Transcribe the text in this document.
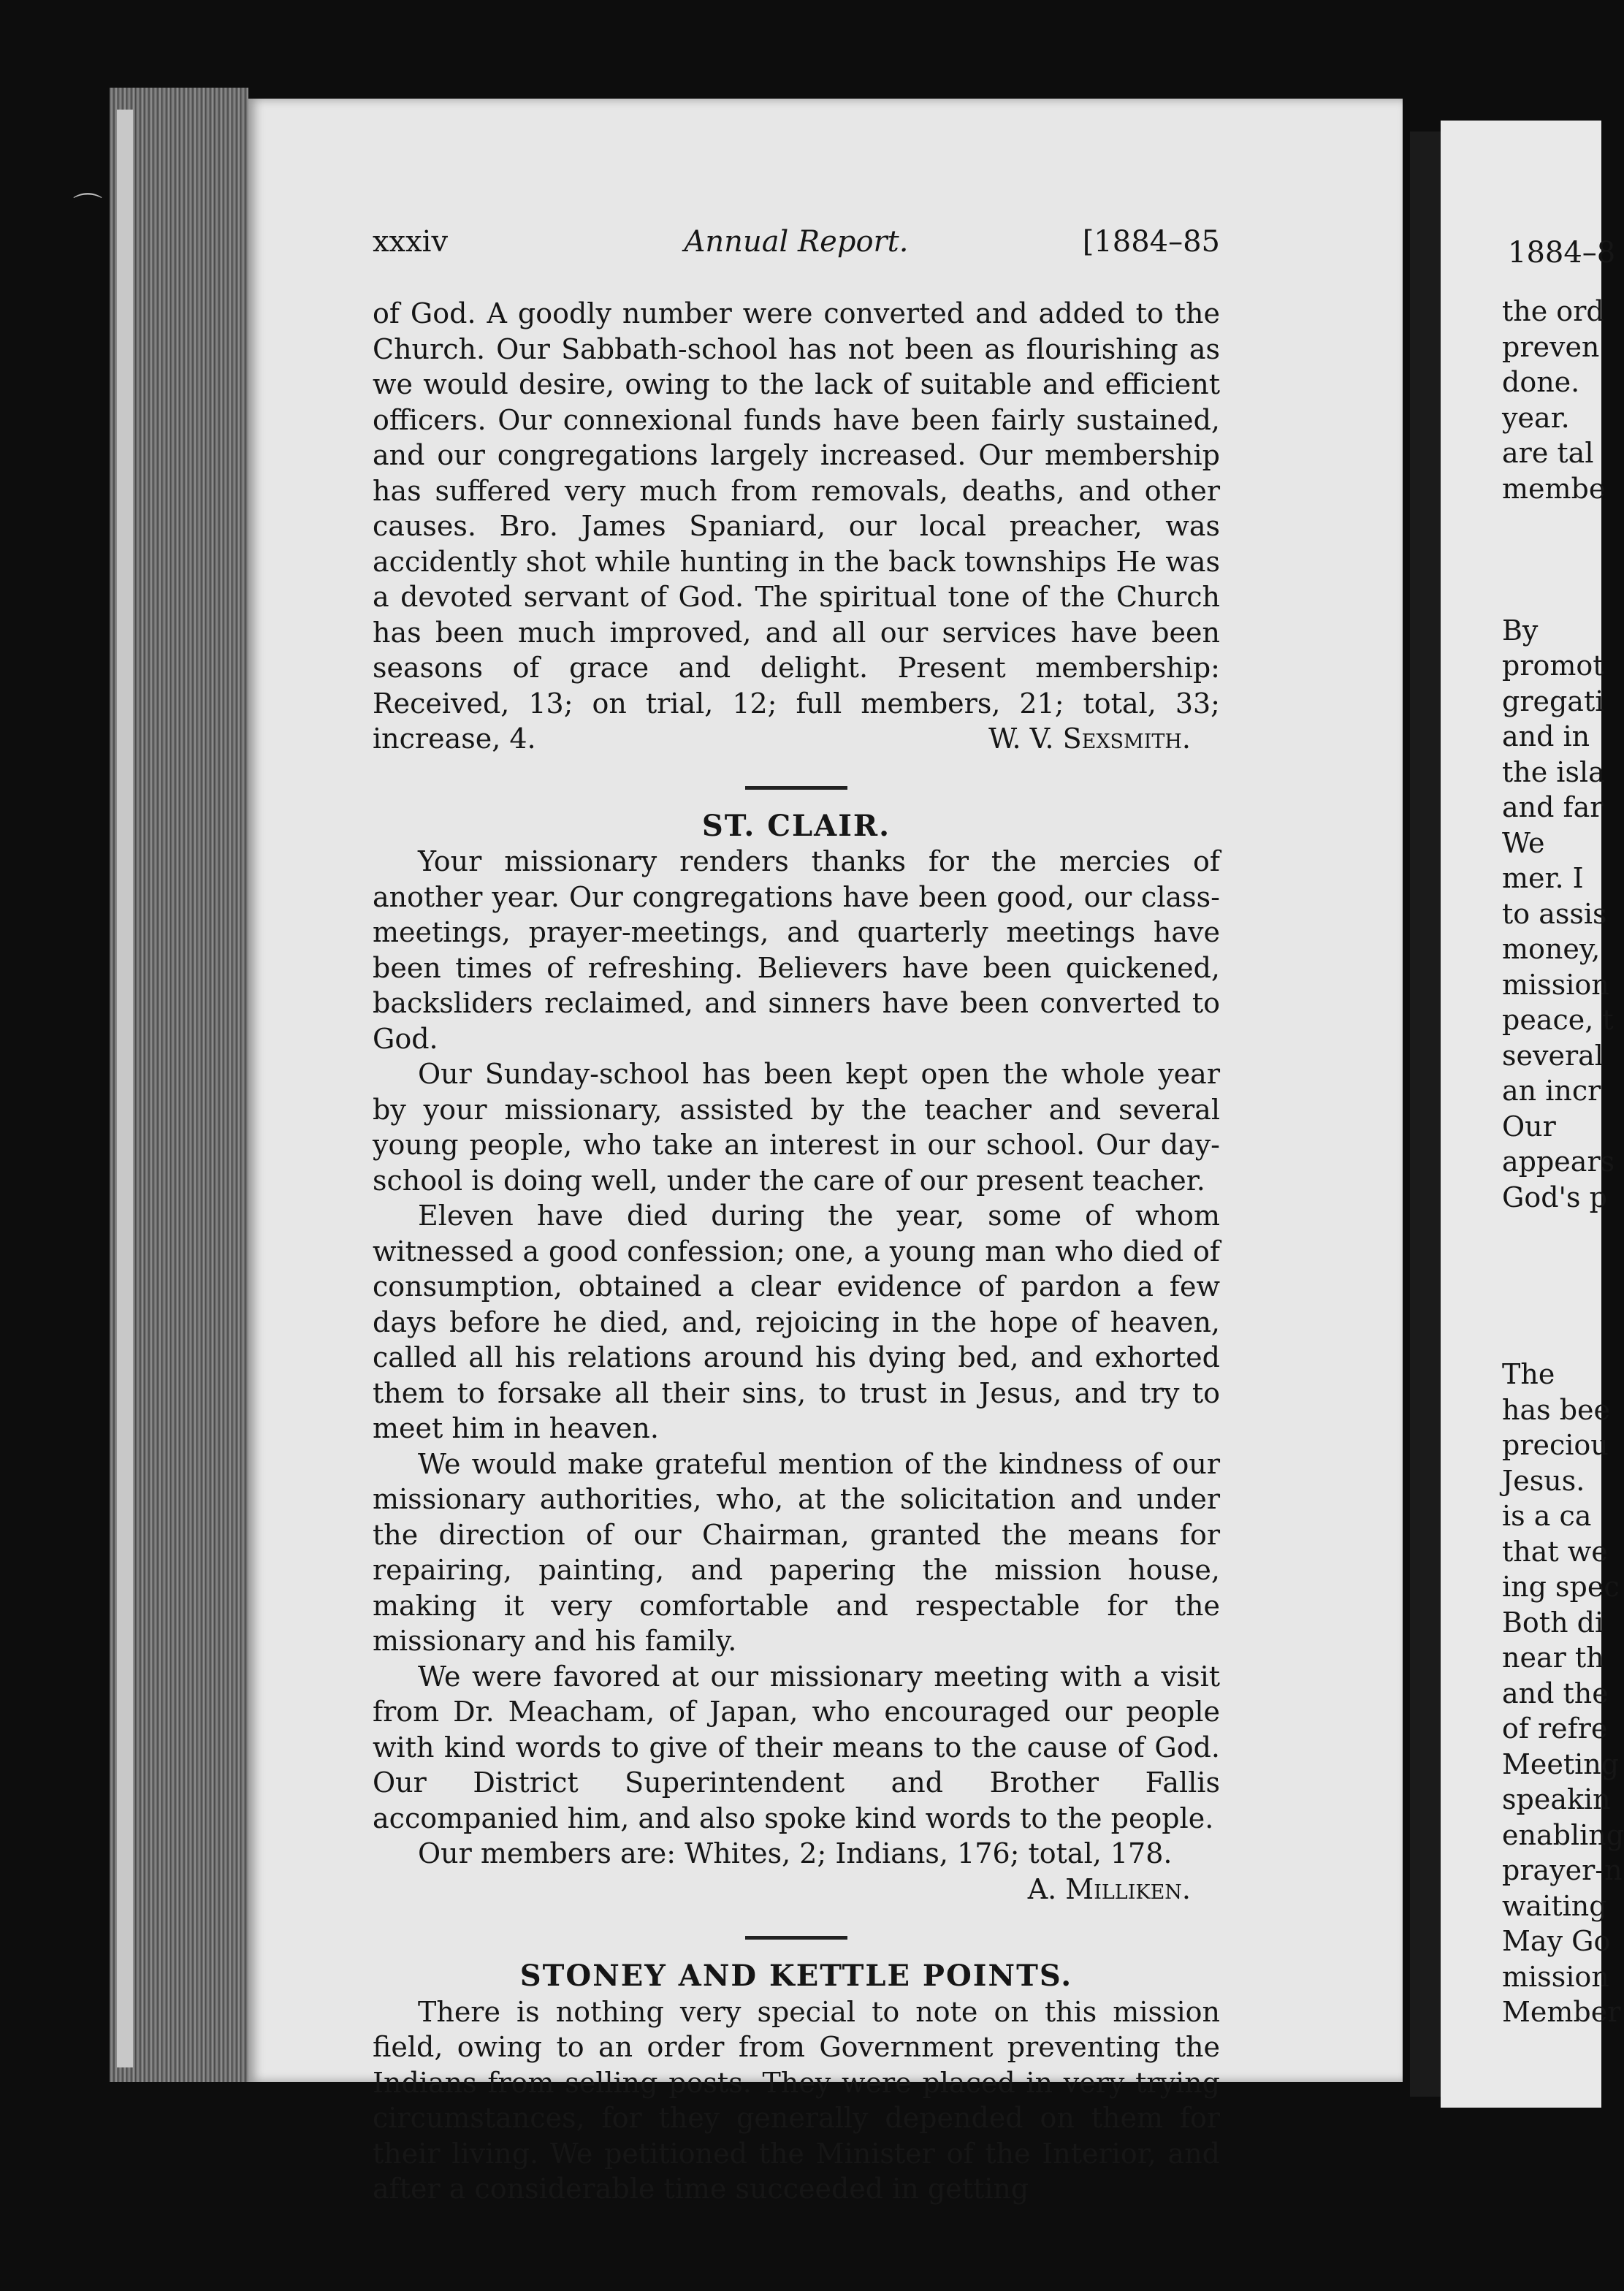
xxxiv	Annual Report.	[1884–85

of God. A goodly number were converted and added to the Church. Our Sabbath-school has not been as flourishing as we would desire, owing to the lack of suitable and efficient officers. Our connexional funds have been fairly sustained, and our congregations largely increased. Our membership has suffered very much from removals, deaths, and other causes. Bro. James Spaniard, our local preacher, was accidently shot while hunting in the back townships He was a devoted servant of God. The spiritual tone of the Church has been much improved, and all our services have been seasons of grace and delight. Present membership: Received, 13; on trial, 12; full members, 21; total, 33; increase, 4.	W. V. Sexsmith.

ST. CLAIR.

Your missionary renders thanks for the mercies of another year. Our congregations have been good, our class-meetings, prayer-meetings, and quarterly meetings have been times of refreshing. Believers have been quickened, backsliders reclaimed, and sinners have been converted to God.

Our Sunday-school has been kept open the whole year by your missionary, assisted by the teacher and several young people, who take an interest in our school. Our day-school is doing well, under the care of our present teacher.

Eleven have died during the year, some of whom witnessed a good confession; one, a young man who died of consumption, obtained a clear evidence of pardon a few days before he died, and, rejoicing in the hope of heaven, called all his relations around his dying bed, and exhorted them to forsake all their sins, to trust in Jesus, and try to meet him in heaven.

We would make grateful mention of the kindness of our missionary authorities, who, at the solicitation and under the direction of our Chairman, granted the means for repairing, painting, and papering the mission house, making it very comfortable and respectable for the missionary and his family.

We were favored at our missionary meeting with a visit from Dr. Meacham, of Japan, who encouraged our people with kind words to give of their means to the cause of God. Our District Superintendent and Brother Fallis accompanied him, and also spoke kind words to the people.

Our members are: Whites, 2; Indians, 176; total, 178.

A. Milliken.

STONEY AND KETTLE POINTS.

There is nothing very special to note on this mission field, owing to an order from Government preventing the Indians from selling posts. They were placed in very trying circumstances, for they generally depended on them for their living. We petitioned the Minister of the Interior, and after a considerable time succeeded in getting

1884–8
the ord
preven
done.
year.
are tal
membe
By
promot
gregati
and in
the isla
and far
We
mer. I
to assis
money,
mission
peace, t
several
an incr
Our
appears
God's p
The
has bee
preciou
Jesus.
is a ca
that we
ing spec
Both di
near th
and the
of refre
Meeting
speakin
enabling
prayer-n
waiting
May Go
mission
Member
⌒
